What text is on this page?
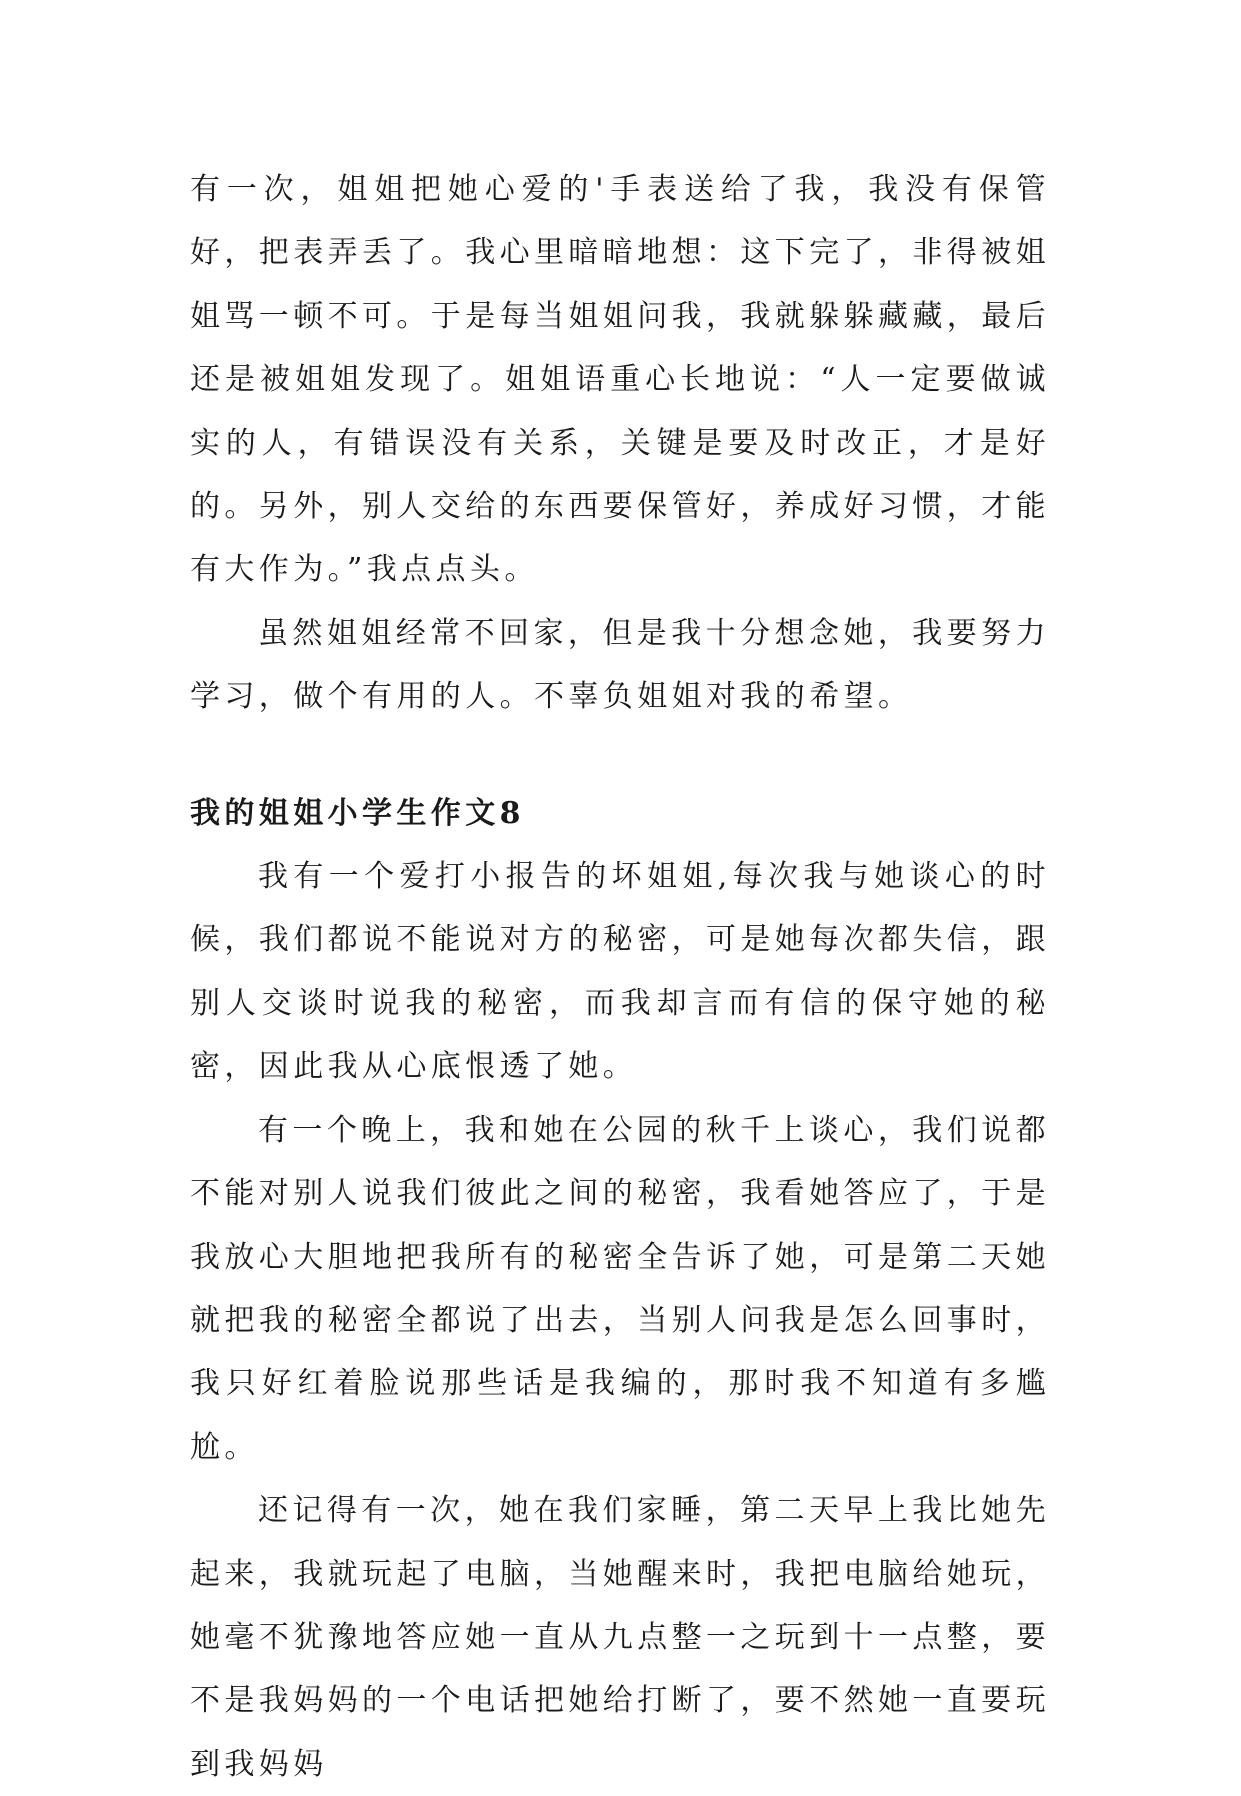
有一次，姐姐把她心爱的'手表送给了我，我没有保管好，把表弄丢了。我心里暗暗地想：这下完了，非得被姐姐骂一顿不可。于是每当姐姐问我，我就躲躲藏藏，最后还是被姐姐发现了。姐姐语重心长地说：“人一定要做诚实的人，有错误没有关系，关键是要及时改正，才是好的。另外，别人交给的东西要保管好，养成好习惯，才能有大作为。”我点点头。

虽然姐姐经常不回家，但是我十分想念她，我要努力学习，做个有用的人。不辜负姐姐对我的希望。

我的姐姐小学生作文8

我有一个爱打小报告的坏姐姐,每次我与她谈心的时候，我们都说不能说对方的秘密，可是她每次都失信，跟别人交谈时说我的秘密，而我却言而有信的保守她的秘密，因此我从心底恨透了她。

有一个晚上，我和她在公园的秋千上谈心，我们说都不能对别人说我们彼此之间的秘密，我看她答应了，于是我放心大胆地把我所有的秘密全告诉了她，可是第二天她就把我的秘密全都说了出去，当别人问我是怎么回事时，我只好红着脸说那些话是我编的，那时我不知道有多尴尬。

还记得有一次，她在我们家睡，第二天早上我比她先起来，我就玩起了电脑，当她醒来时，我把电脑给她玩，她毫不犹豫地答应她一直从九点整一之玩到十一点整，要不是我妈妈的一个电话把她给打断了，要不然她一直要玩到我妈妈
